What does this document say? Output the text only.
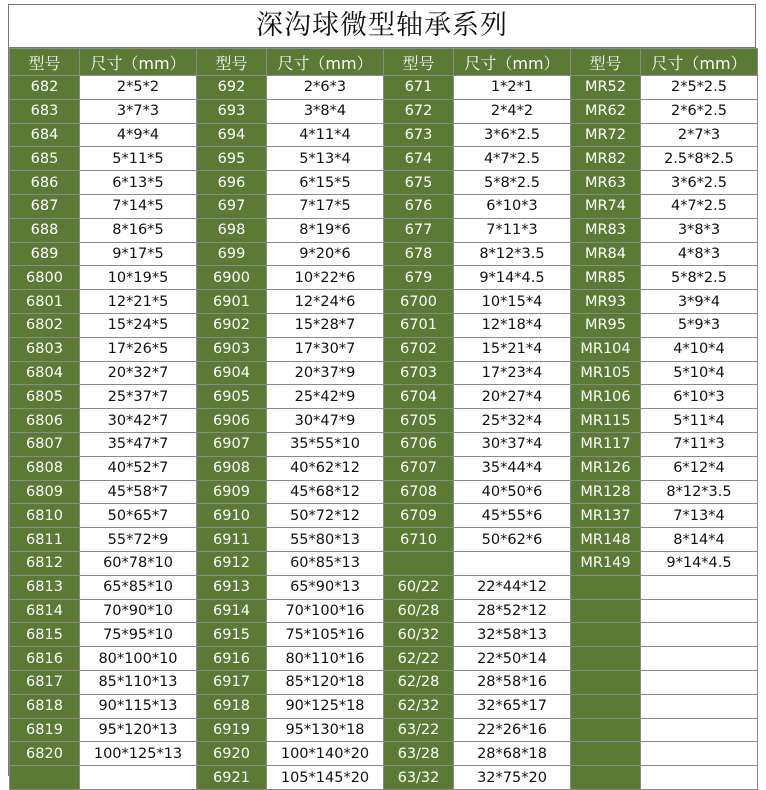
深沟球微型轴承系列
型号	尺寸（mm）	型号	尺寸（mm）	型号	尺寸（mm）	型号	尺寸（mm）
682	2*5*2	692	2*6*3	671	1*2*1	MR52	2*5*2.5
683	3*7*3	693	3*8*4	672	2*4*2	MR62	2*6*2.5
684	4*9*4	694	4*11*4	673	3*6*2.5	MR72	2*7*3
685	5*11*5	695	5*13*4	674	4*7*2.5	MR82	2.5*8*2.5
686	6*13*5	696	6*15*5	675	5*8*2.5	MR63	3*6*2.5
687	7*14*5	697	7*17*5	676	6*10*3	MR74	4*7*2.5
688	8*16*5	698	8*19*6	677	7*11*3	MR83	3*8*3
689	9*17*5	699	9*20*6	678	8*12*3.5	MR84	4*8*3
6800	10*19*5	6900	10*22*6	679	9*14*4.5	MR85	5*8*2.5
6801	12*21*5	6901	12*24*6	6700	10*15*4	MR93	3*9*4
6802	15*24*5	6902	15*28*7	6701	12*18*4	MR95	5*9*3
6803	17*26*5	6903	17*30*7	6702	15*21*4	MR104	4*10*4
6804	20*32*7	6904	20*37*9	6703	17*23*4	MR105	5*10*4
6805	25*37*7	6905	25*42*9	6704	20*27*4	MR106	6*10*3
6806	30*42*7	6906	30*47*9	6705	25*32*4	MR115	5*11*4
6807	35*47*7	6907	35*55*10	6706	30*37*4	MR117	7*11*3
6808	40*52*7	6908	40*62*12	6707	35*44*4	MR126	6*12*4
6809	45*58*7	6909	45*68*12	6708	40*50*6	MR128	8*12*3.5
6810	50*65*7	6910	50*72*12	6709	45*55*6	MR137	7*13*4
6811	55*72*9	6911	55*80*13	6710	50*62*6	MR148	8*14*4
6812	60*78*10	6912	60*85*13			MR149	9*14*4.5
6813	65*85*10	6913	65*90*13	60/22	22*44*12		
6814	70*90*10	6914	70*100*16	60/28	28*52*12		
6815	75*95*10	6915	75*105*16	60/32	32*58*13		
6816	80*100*10	6916	80*110*16	62/22	22*50*14		
6817	85*110*13	6917	85*120*18	62/28	28*58*16		
6818	90*115*13	6918	90*125*18	62/32	32*65*17		
6819	95*120*13	6919	95*130*18	63/22	22*26*16		
6820	100*125*13	6920	100*140*20	63/28	28*68*18		
		6921	105*145*20	63/32	32*75*20		
